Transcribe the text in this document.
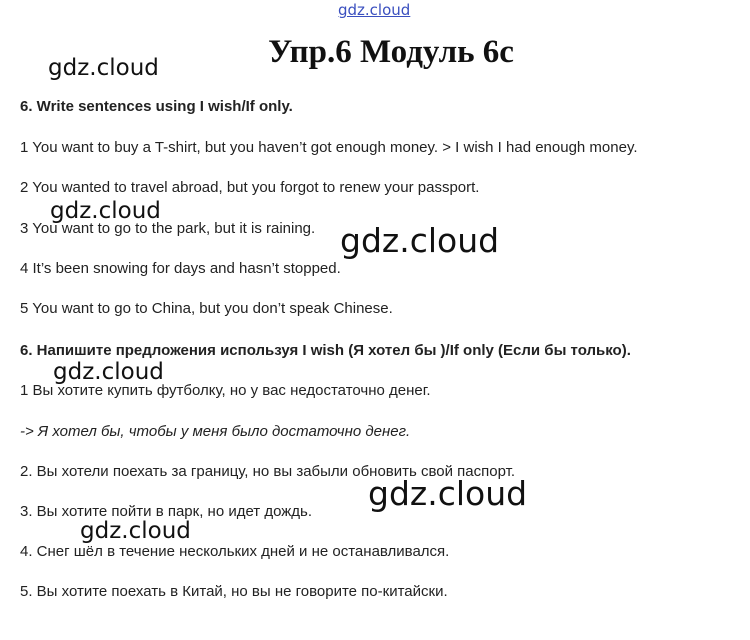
Упр.6 Модуль 6с
6. Write sentences using I wish/If only.
1 You want to buy a T-shirt, but you haven’t got enough money. > I wish I had enough money.
2 You wanted to travel abroad, but you forgot to renew your passport.
3 You want to go to the park, but it is raining.
4 It’s been snowing for days and hasn’t stopped.
5 You want to go to China, but you don’t speak Chinese.
6. Напишите предложения используя I wish (Я хотел бы )/If only (Если бы только).
1 Вы хотите купить футболку, но у вас недостаточно денег.
-> Я хотел бы, чтобы у меня было достаточно денег.
2. Вы хотели поехать за границу, но вы забыли обновить свой паспорт.
3. Вы хотите пойти в парк, но идет дождь.
4. Снег шёл в течение нескольких дней и не останавливался.
5. Вы хотите поехать в Китай, но вы не говорите по-китайски.
gdz.cloud
gdz.cloud
gdz.cloud
gdz.cloud
gdz.cloud
gdz.cloud
gdz.cloud
